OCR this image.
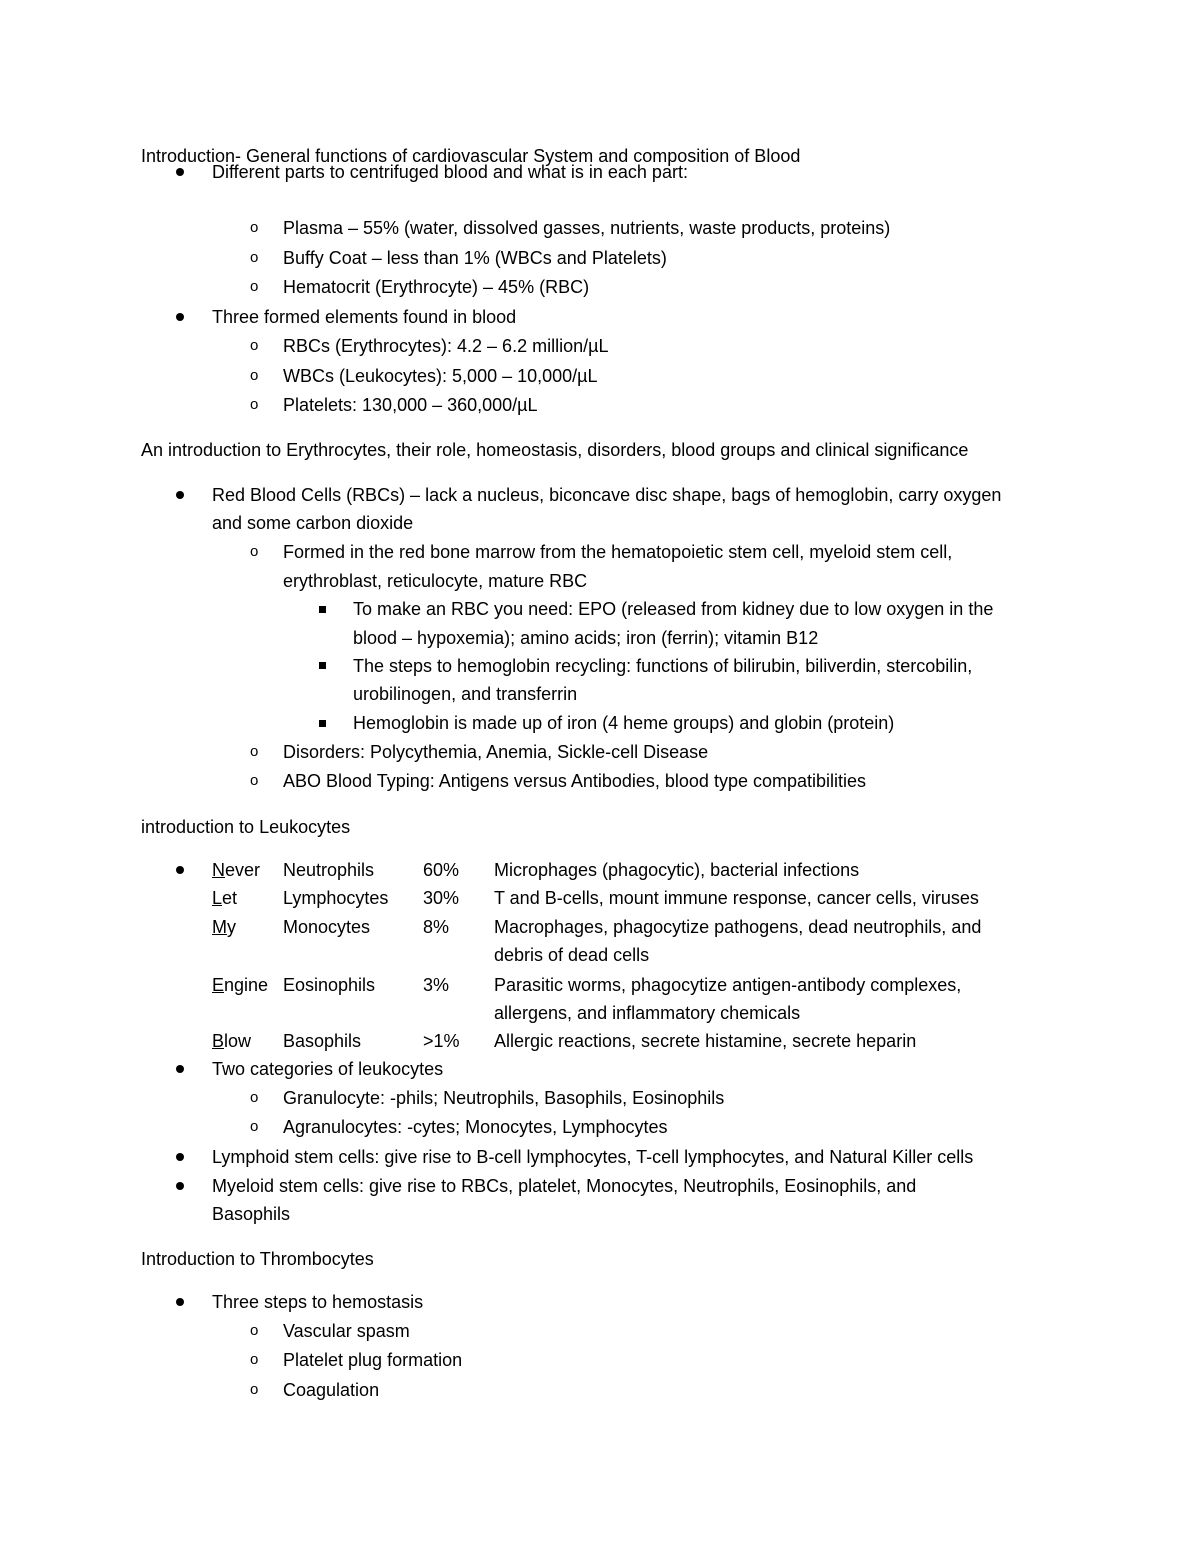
Introduction- General functions of cardiovascular System and composition of Blood
Different parts to centrifuged blood and what is in each part:
o Plasma – 55% (water, dissolved gasses, nutrients, waste products, proteins)
o Buffy Coat – less than 1% (WBCs and Platelets)
o Hematocrit (Erythrocyte) – 45% (RBC)
Three formed elements found in blood
o RBCs (Erythrocytes): 4.2 – 6.2 million/µL
o WBCs (Leukocytes): 5,000 – 10,000/µL
o Platelets: 130,000 – 360,000/µL
An introduction to Erythrocytes, their role, homeostasis, disorders, blood groups and clinical significance
Red Blood Cells (RBCs) – lack a nucleus, biconcave disc shape, bags of hemoglobin, carry oxygen
and some carbon dioxide
o Formed in the red bone marrow from the hematopoietic stem cell, myeloid stem cell,
erythroblast, reticulocyte, mature RBC
To make an RBC you need: EPO (released from kidney due to low oxygen in the
blood – hypoxemia); amino acids; iron (ferrin); vitamin B12
The steps to hemoglobin recycling: functions of bilirubin, biliverdin, stercobilin,
urobilinogen, and transferrin
Hemoglobin is made up of iron (4 heme groups) and globin (protein)
o Disorders: Polycythemia, Anemia, Sickle-cell Disease
o ABO Blood Typing: Antigens versus Antibodies, blood type compatibilities
introduction to Leukocytes
Never Neutrophils	60% Microphages (phagocytic), bacterial infections
Let	Lymphocytes 30% T and B-cells, mount immune response, cancer cells, viruses
My	Monocytes	8% Macrophages, phagocytize pathogens, dead neutrophils, and
debris of dead cells
Engine Eosinophils	3% Parasitic worms, phagocytize antigen-antibody complexes,
allergens, and inflammatory chemicals
Blow Basophils	>1% Allergic reactions, secrete histamine, secrete heparin
Two categories of leukocytes
o Granulocyte: -phils; Neutrophils, Basophils, Eosinophils
o Agranulocytes: -cytes; Monocytes, Lymphocytes
Lymphoid stem cells: give rise to B-cell lymphocytes, T-cell lymphocytes, and Natural Killer cells
Myeloid stem cells: give rise to RBCs, platelet, Monocytes, Neutrophils, Eosinophils, and
Basophils
Introduction to Thrombocytes
Three steps to hemostasis
o Vascular spasm
o Platelet plug formation
o Coagulation
